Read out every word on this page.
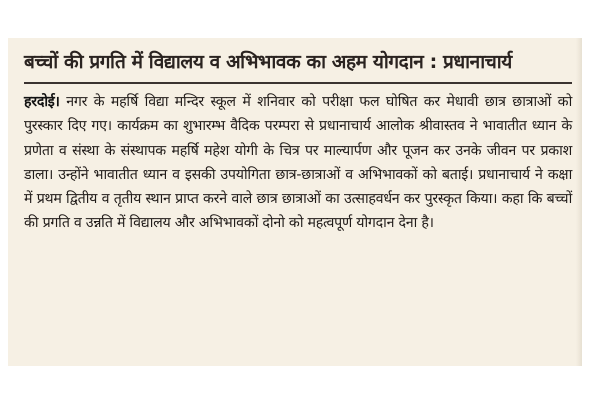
बच्चों की प्रगति में विद्यालय व अभिभावक का अहम योगदान : प्रधानाचार्य

हरदोई। नगर के महर्षि विद्या मन्दिर स्कूल में शनिवार को परीक्षा फल घोषित कर मेधावी छात्र छात्राओं को पुरस्कार दिए गए। कार्यक्रम का शुभारम्भ वैदिक परम्परा से प्रधानाचार्य आलोक श्रीवास्तव ने भावातीत ध्यान के प्रणेता व संस्था के संस्थापक महर्षि महेश योगी के चित्र पर माल्यार्पण और पूजन कर उनके जीवन पर प्रकाश डाला। उन्होंने भावातीत ध्यान व इसकी उपयोगिता छात्र-छात्राओं व अभिभावकों को बताई। प्रधानाचार्य ने कक्षा में प्रथम द्वितीय व तृतीय स्थान प्राप्त करने वाले छात्र छात्राओं का उत्साहवर्धन कर पुरस्कृत किया। कहा कि बच्चों की प्रगति व उन्नति में विद्यालय और अभिभावकों दोनो को महत्वपूर्ण योगदान देना है।
